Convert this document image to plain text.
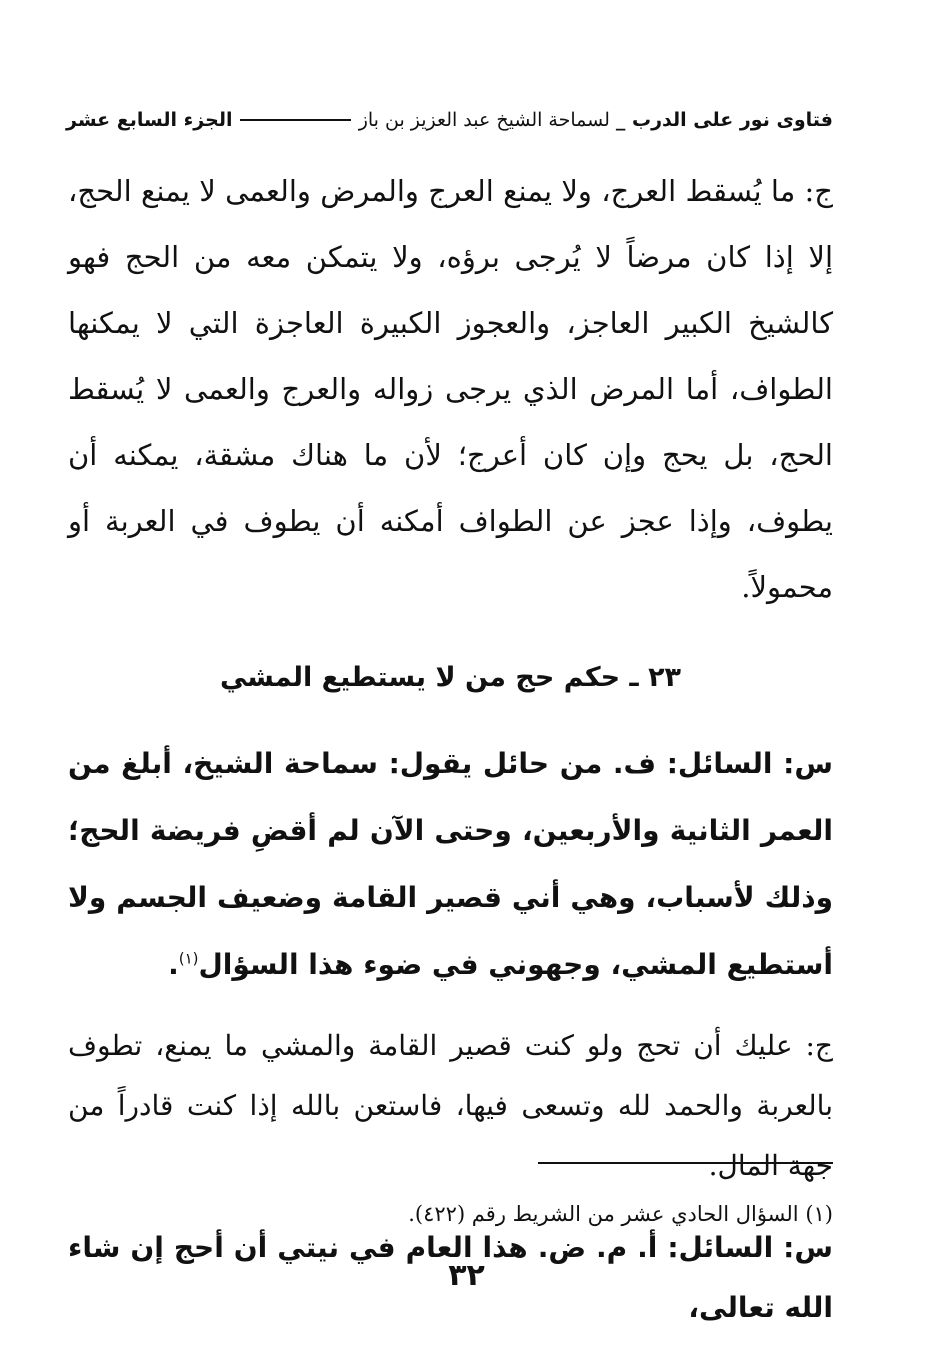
فتاوى نور على الدرب _
لسماحة الشيخ عبد العزيز بن باز
الجزء السابع عشر

ج: ما يُسقط العرج، ولا يمنع العرج والمرض والعمى لا يمنع الحج، إلا إذا كان مرضاً لا يُرجى برؤه، ولا يتمكن معه من الحج فهو كالشيخ الكبير العاجز، والعجوز الكبيرة العاجزة التي لا يمكنها الطواف، أما المرض الذي يرجى زواله والعرج والعمى لا يُسقط الحج، بل يحج وإن كان أعرج؛ لأن ما هناك مشقة، يمكنه أن يطوف، وإذا عجز عن الطواف أمكنه أن يطوف في العربة أو محمولاً.

٢٣ ـ حكم حج من لا يستطيع المشي

س: السائل: ف. من حائل يقول: سماحة الشيخ، أبلغ من العمر الثانية والأربعين، وحتى الآن لم أقضِ فريضة الحج؛ وذلك لأسباب، وهي أني قصير القامة وضعيف الجسم ولا أستطيع المشي، وجهوني في ضوء هذا السؤال$^{(١)}$.

ج: عليك أن تحج ولو كنت قصير القامة والمشي ما يمنع، تطوف بالعربة والحمد لله وتسعى فيها، فاستعن بالله إذا كنت قادراً من جهة المال.

س: السائل: أ. م. ض. هذا العام في نيتي أن أحج إن شاء الله تعالى،

(١) السؤال الحادي عشر من الشريط رقم (٤٢٢).
٣٢
